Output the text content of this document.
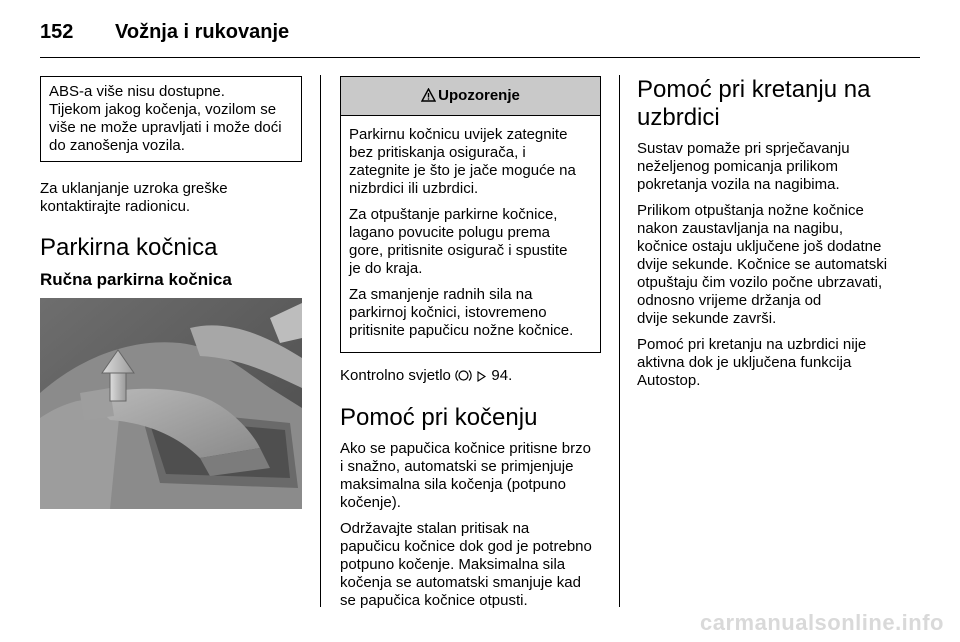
152 Vožnja i rukovanje

ABS-a više nisu dostupne.

Tijekom jakog kočenja, vozilom se

više ne može upravljati i može doći

do zanošenja vozila.

Za uklanjanje uzroka greške
kontaktirajte radionicu.

Parkirna kočnica
Ručna parkirna kočnica
Upozorenje

Parkirnu kočnicu uvijek zategnite
bez pritiskanja osigurača, i
zategnite je što je jače moguće na
nizbrdici ili uzbrdici.

Za otpuštanje parkirne kočnice,
lagano povucite polugu prema
gore, pritisnite osigurač i spustite
je do kraja.

Za smanjenje radnih sila na
parkirnoj kočnici, istovremeno
pritisnite papučicu nožne kočnice.

Kontrolno svjetlo	94.

Pomoć pri kočenju

Ako se papučica kočnice pritisne brzo
i snažno, automatski se primjenjuje
maksimalna sila kočenja (potpuno
kočenje).

Održavajte stalan pritisak na
papučicu kočnice dok god je potrebno
potpuno kočenje. Maksimalna sila
kočenja se automatski smanjuje kad
se papučica kočnice otpusti.

Pomoć pri kretanju na
uzbrdici

Sustav pomaže pri sprječavanju
neželjenog pomicanja prilikom
pokretanja vozila na nagibima.

Prilikom otpuštanja nožne kočnice
nakon zaustavljanja na nagibu,
kočnice ostaju uključene još dodatne
dvije sekunde. Kočnice se automatski
otpuštaju čim vozilo počne ubrzavati,
odnosno vrijeme držanja od
dvije sekunde završi.

Pomoć pri kretanju na uzbrdici nije
aktivna dok je uključena funkcija
Autostop.

carmanualsonline.info
